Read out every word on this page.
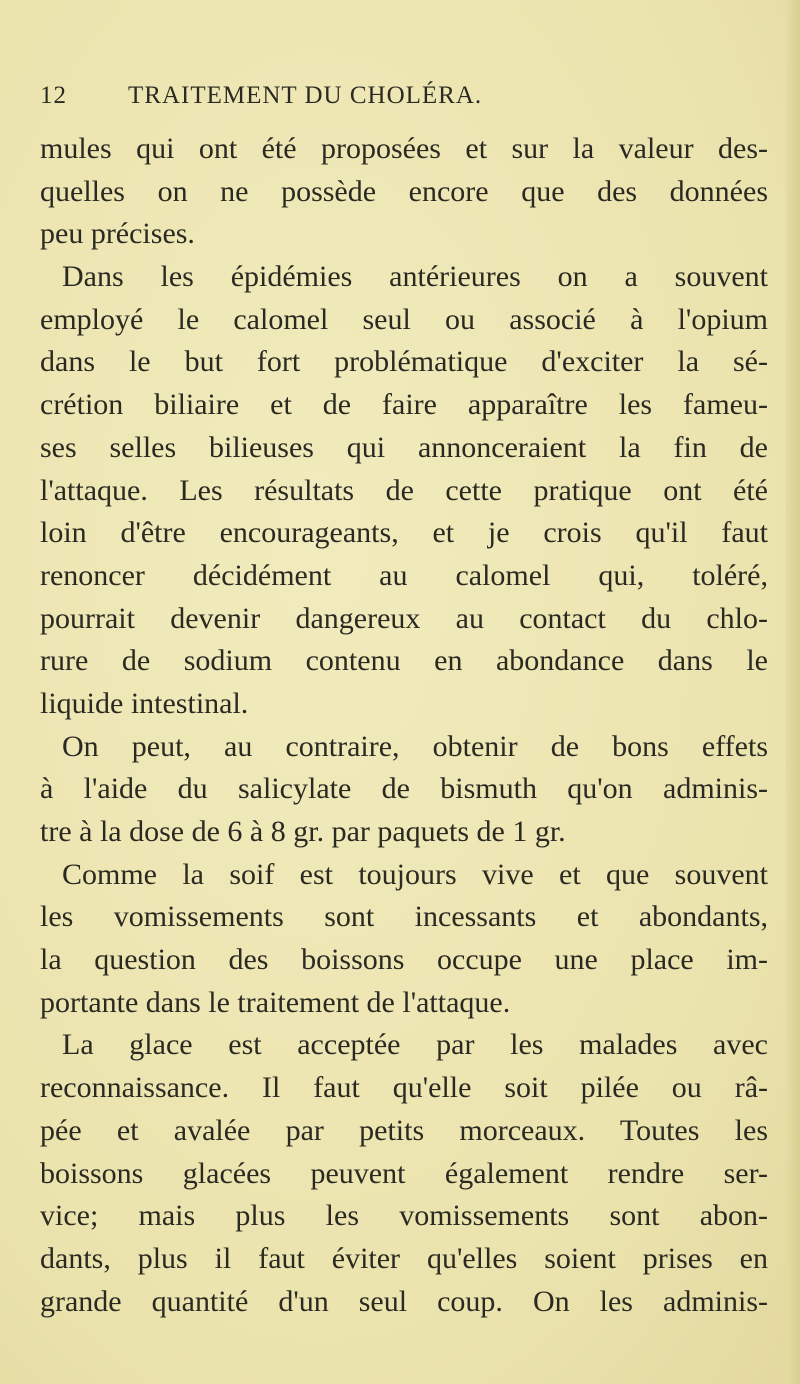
12 TRAITEMENT DU CHOLÉRA.
mules qui ont été proposées et sur la valeur des-
quelles on ne possède encore que des données
peu précises.
Dans les épidémies antérieures on a souvent
employé le calomel seul ou associé à l'opium
dans le but fort problématique d'exciter la sé-
crétion biliaire et de faire apparaître les fameu-
ses selles bilieuses qui annonceraient la fin de
l'attaque. Les résultats de cette pratique ont été
loin d'être encourageants, et je crois qu'il faut
renoncer décidément au calomel qui, toléré,
pourrait devenir dangereux au contact du chlo-
rure de sodium contenu en abondance dans le
liquide intestinal.
On peut, au contraire, obtenir de bons effets
à l'aide du salicylate de bismuth qu'on adminis-
tre à la dose de 6 à 8 gr. par paquets de 1 gr.
Comme la soif est toujours vive et que souvent
les vomissements sont incessants et abondants,
la question des boissons occupe une place im-
portante dans le traitement de l'attaque.
La glace est acceptée par les malades avec
reconnaissance. Il faut qu'elle soit pilée ou râ-
pée et avalée par petits morceaux. Toutes les
boissons glacées peuvent également rendre ser-
vice; mais plus les vomissements sont abon-
dants, plus il faut éviter qu'elles soient prises en
grande quantité d'un seul coup. On les adminis-
